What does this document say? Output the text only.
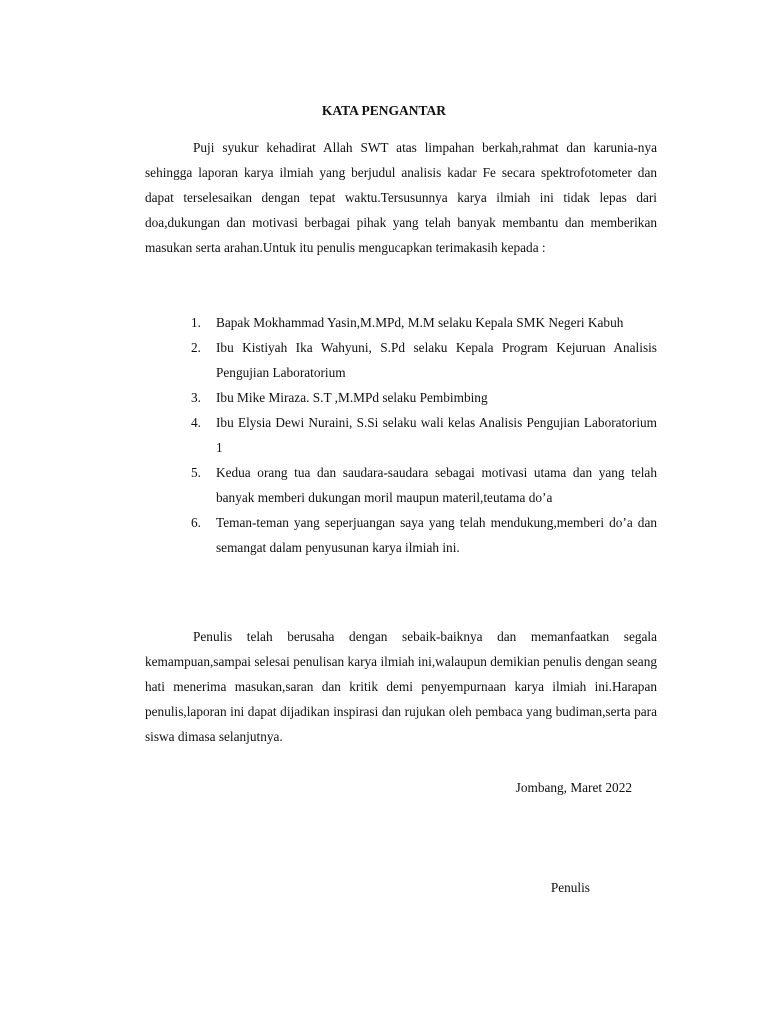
KATA PENGANTAR

Puji syukur kehadirat Allah SWT atas limpahan berkah,rahmat dan karunia-nya sehingga laporan karya ilmiah yang berjudul analisis kadar Fe secara spektrofotometer dan dapat terselesaikan dengan tepat waktu.Tersusunnya karya ilmiah ini tidak lepas dari doa,dukungan dan motivasi berbagai pihak yang telah banyak membantu dan memberikan masukan serta arahan.Untuk itu penulis mengucapkan terimakasih kepada :

1. Bapak Mokhammad Yasin,M.MPd, M.M selaku Kepala SMK Negeri Kabuh
2. Ibu Kistiyah Ika Wahyuni, S.Pd selaku Kepala Program Kejuruan Analisis Pengujian Laboratorium
3. Ibu Mike Miraza. S.T ,M.MPd selaku Pembimbing
4. Ibu Elysia Dewi Nuraini, S.Si selaku wali kelas Analisis Pengujian Laboratorium 1
5. Kedua orang tua dan saudara-saudara sebagai motivasi utama dan yang telah banyak memberi dukungan moril maupun materil,teutama do’a
6. Teman-teman yang seperjuangan saya yang telah mendukung,memberi do’a dan semangat dalam penyusunan karya ilmiah ini.

Penulis telah berusaha dengan sebaik-baiknya dan memanfaatkan segala kemampuan,sampai selesai penulisan karya ilmiah ini,walaupun demikian penulis dengan seang hati menerima masukan,saran dan kritik demi penyempurnaan karya ilmiah ini.Harapan penulis,laporan ini dapat dijadikan inspirasi dan rujukan oleh pembaca yang budiman,serta para siswa dimasa selanjutnya.

Jombang, Maret 2022
Penulis
